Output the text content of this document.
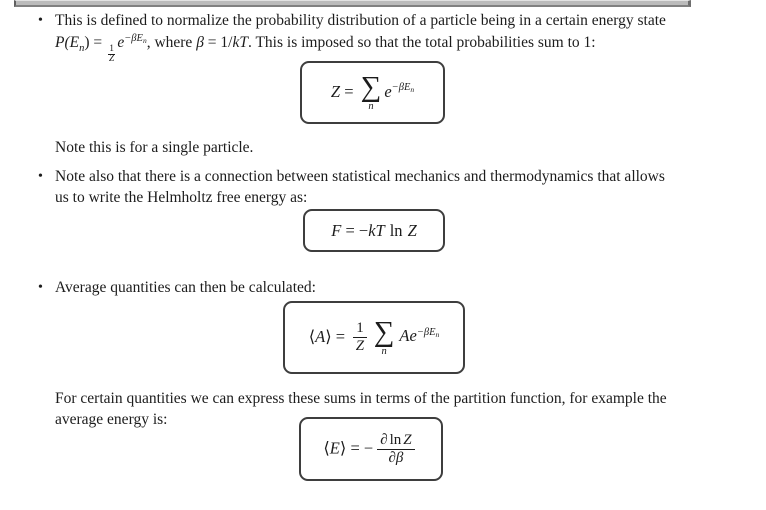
• This is defined to normalize the probability distribution of a particle being in a certain energy state
$P(E_n)$ =
$\frac{1}{Z}$
$e^{-\beta En}$, where β = 1/kT. This is imposed so that the total probabilities sum to 1:
Z = ∑
n
$e^{-\beta En}$
Note this is for a single particle.
• Note also that there is a connection between statistical mechanics and thermodynamics that allows
us to write the Helmholtz free energy as:
F = −kT ln Z
• Average quantities can then be calculated:
⟨A⟩ = $\frac{1}{Z}$ ∑
n
$Ae^{-\beta En}$
For certain quantities we can express these sums in terms of the partition function, for example the
average energy is:
⟨E⟩ = − $\frac{\text{∂ ln Z}}{\partial\beta}$
